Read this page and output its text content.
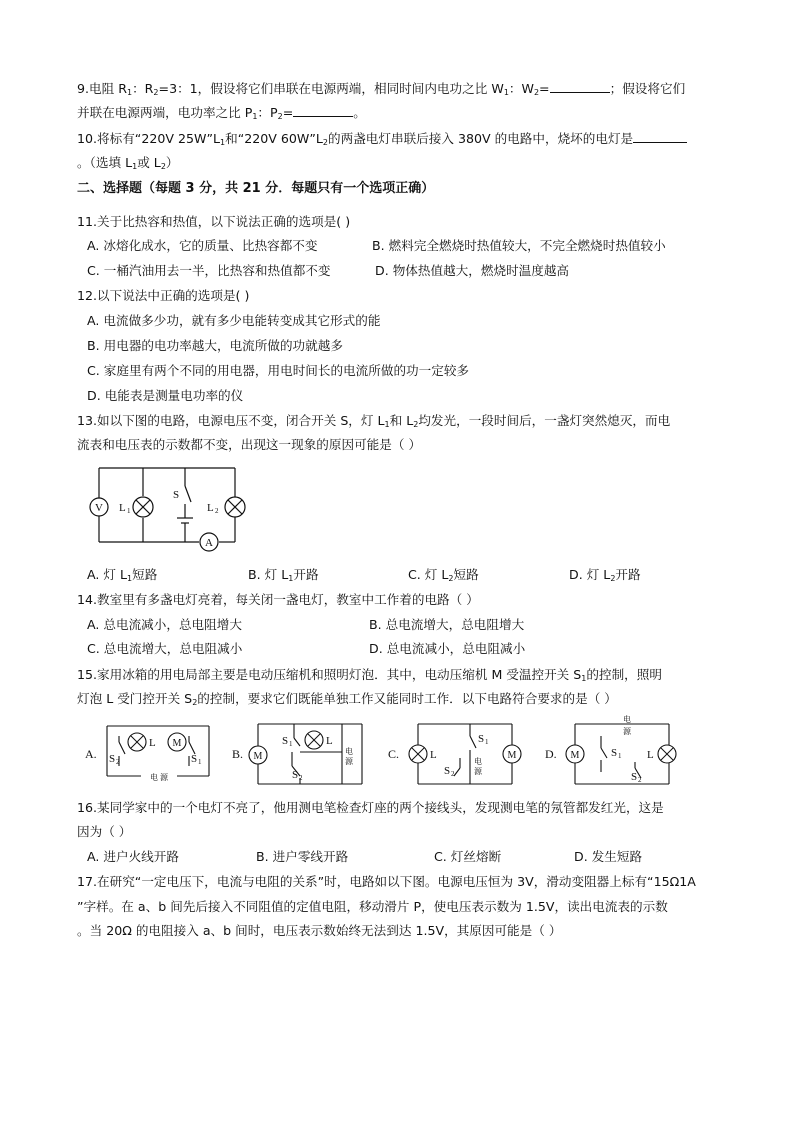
9.电阻 $R_1$：$R_2=3$：1，假设将它们串联在电源两端，相同时间内电功之比 $W_1$：$W_2=$	；假设将它们
并联在电源两端，电功率之比 $P_1$：$P_2=$	。
10.将标有“220V $25W”L_1$和“220V $60W”L_2$的两盏电灯串联后接入 380V 的电路中，烧坏的电灯是
。（选填 $L_1$或 $L_2$）
二、选择题（每题 3 分，共 21 分．每题只有一个选项正确）
11.关于比热容和热值，以下说法正确的选项是( )
A. 冰熔化成水，它的质量、比热容都不变	B. 燃料完全燃烧时热值较大，不完全燃烧时热值较小
C. 一桶汽油用去一半，比热容和热值都不变	D. 物体热值越大，燃烧时温度越高
12.以下说法中正确的选项是( )
A. 电流做多少功，就有多少电能转变成其它形式的能
B. 用电器的电功率越大，电流所做的功就越多
C. 家庭里有两个不同的用电器，用电时间长的电流所做的功一定较多
D. 电能表是测量电功率的仪
13.如以下图的电路，电源电压不变，闭合开关 S，灯 $L_1$和 $L_2$均发光，一段时间后，一盏灯突然熄灭，而电
流表和电压表的示数都不变，出现这一现象的原因可能是（ ）
V L 1
S
L 2
A
A. 灯 $L_1$短路	B. 灯 $L_1$开路	C. 灯 $L_2$短路	D. 灯 $L_2$开路
14.教室里有多盏电灯亮着，每关闭一盏电灯，教室中工作着的电路（ ）
A. 总电流减小，总电阻增大	B. 总电流增大，总电阻增大
C. 总电流增大，总电阻减小	D. 总电流减小，总电阻减小
15.家用冰箱的用电局部主要是电动压缩机和照明灯泡．其中，电动压缩机 M 受温控开关 $S_1$的控制，照明
灯泡 L 受门控开关 $S_2$的控制，要求它们既能单独工作又能同时工作．以下电路符合要求的是（ ）
A.
L M
S 2	S 1
电 源
B. M
L
S 1
S 2
电
源
C.	L	M
S 1
S 2
电
源
D. M	L
S 1
S 2
电
源
16.某同学家中的一个电灯不亮了，他用测电笔检查灯座的两个接线头，发现测电笔的氖管都发红光，这是
因为（ ）
A. 进户火线开路	B. 进户零线开路	C. 灯丝熔断	D. 发生短路
17.在研究“一定电压下，电流与电阻的关系”时，电路如以下图。电源电压恒为 3V，滑动变阻器上标有“15Ω1A
”字样。在 a、b 间先后接入不同阻值的定值电阻，移动滑片 P，使电压表示数为 1.5V，读出电流表的示数
。当 20Ω 的电阻接入 a、b 间时，电压表示数始终无法到达 1.5V，其原因可能是（ ）
